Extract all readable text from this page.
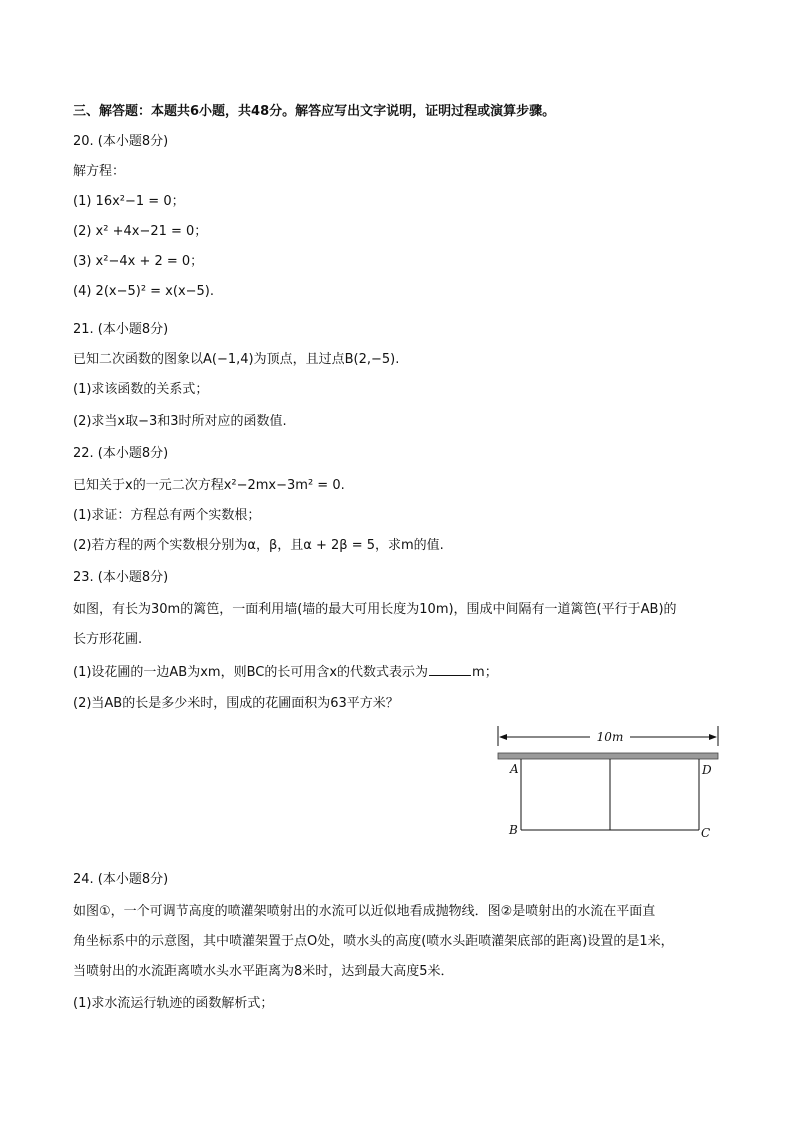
三、解答题：本题共6小题，共48分。解答应写出文字说明，证明过程或演算步骤。
20. (本小题8分)
解方程：
(1) 16x²−1 = 0；
(2) x² +4x−21 = 0；
(3) x²−4x + 2 = 0；
(4) 2(x−5)² = x(x−5).
21. (本小题8分)
已知二次函数的图象以A(−1,4)为顶点，且过点B(2,−5).
(1)求该函数的关系式；
(2)求当x取−3和3时所对应的函数值.
22. (本小题8分)
已知关于x的一元二次方程x²−2mx−3m² = 0.
(1)求证：方程总有两个实数根；
(2)若方程的两个实数根分别为α，β，且α + 2β = 5，求m的值.
23. (本小题8分)
如图，有长为30m的篱笆，一面利用墙(墙的最大可用长度为10m)，围成中间隔有一道篱笆(平行于AB)的
长方形花圃.
(1)设花圃的一边AB为xm，则BC的长可用含x的代数式表示为	m；
(2)当AB的长是多少米时，围成的花圃面积为63平方米？
10m
A
B	C
D
24. (本小题8分)
如图①，一个可调节高度的喷灌架喷射出的水流可以近似地看成抛物线．图②是喷射出的水流在平面直
角坐标系中的示意图，其中喷灌架置于点O处，喷水头的高度(喷水头距喷灌架底部的距离)设置的是1米，
当喷射出的水流距离喷水头水平距离为8米时，达到最大高度5米．
(1)求水流运行轨迹的函数解析式；
